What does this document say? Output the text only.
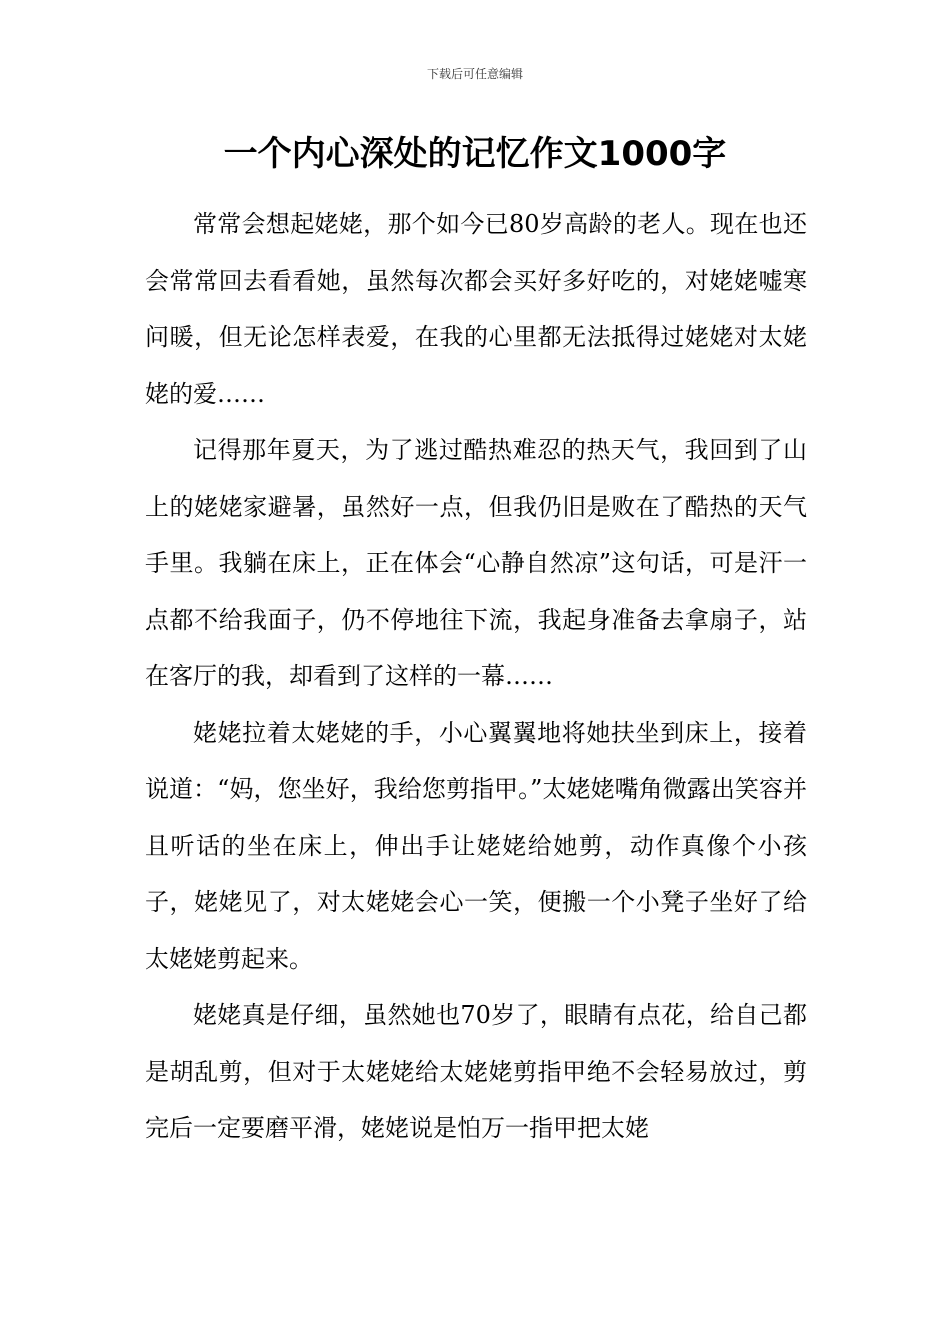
下载后可任意编辑
一个内心深处的记忆作文1000字

常常会想起姥姥，那个如今已80岁高龄的老人。现在也还会常常回去看看她，虽然每次都会买好多好吃的，对姥姥嘘寒问暖，但无论怎样表爱，在我的心里都无法抵得过姥姥对太姥姥的爱……

记得那年夏天，为了逃过酷热难忍的热天气，我回到了山上的姥姥家避暑，虽然好一点，但我仍旧是败在了酷热的天气手里。我躺在床上，正在体会“心静自然凉”这句话，可是汗一点都不给我面子，仍不停地往下流，我起身准备去拿扇子，站在客厅的我，却看到了这样的一幕……

姥姥拉着太姥姥的手，小心翼翼地将她扶坐到床上，接着说道：“妈，您坐好，我给您剪指甲。”太姥姥嘴角微露出笑容并且听话的坐在床上，伸出手让姥姥给她剪，动作真像个小孩子，姥姥见了，对太姥姥会心一笑，便搬一个小凳子坐好了给太姥姥剪起来。

姥姥真是仔细，虽然她也70岁了，眼睛有点花，给自己都是胡乱剪，但对于太姥姥给太姥姥剪指甲绝不会轻易放过，剪完后一定要磨平滑，姥姥说是怕万一指甲把太姥
